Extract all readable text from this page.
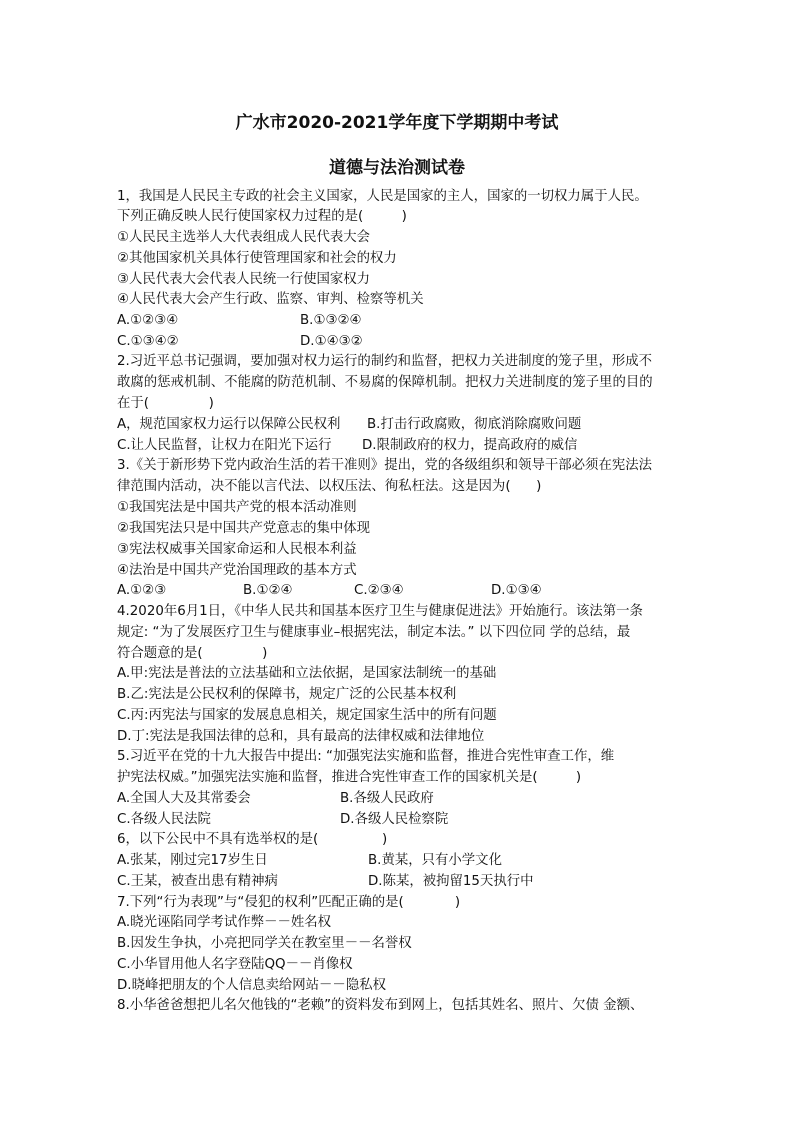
广水市2020-2021学年度下学期期中考试
道德与法治测试卷
1，我国是人民民主专政的社会主义国家，人民是国家的主人，国家的一切权力属于人民。
下列正确反映人民行使国家权力过程的是(         )
①人民民主选举人大代表组成人民代表大会
②其他国家机关具体行使管理国家和社会的权力
③人民代表大会代表人民统一行使国家权力
④人民代表大会产生行政、监察、审判、检察等机关
A.①②③④	B.①③②④
C.①③④②	D.①④③②
2.习近平总书记强调，要加强对权力运行的制约和监督，把权力关进制度的笼子里，形成不
敢腐的惩戒机制、不能腐的防范机制、不易腐的保障机制。把权力关进制度的笼子里的目的
在于(              )
A，规范国家权力运行以保障公民权利 B.打击行政腐败，彻底消除腐败问题
C.让人民监督，让权力在阳光下运行 D.限制政府的权力，提高政府的威信
3.《关于新形势下党内政治生活的若干准则》提出，党的各级组织和领导干部必须在宪法法
律范围内活动，决不能以言代法、以权压法、徇私枉法。这是因为(      )
①我国宪法是中国共产党的根本活动准则
②我国宪法只是中国共产党意志的集中体现
③宪法权威事关国家命运和人民根本利益
④法治是中国共产党治国理政的基本方式
A.①②③	B.①②④	C.②③④	D.①③④
4.2020年6月1日，《中华人民共和国基本医疗卫生与健康促进法》开始施行。该法第一条
规定: “为了发展医疗卫生与健康事业–根据宪法，制定本法。” 以下四位同 学的总结，最
符合题意的是(              )
A.甲:宪法是普法的立法基础和立法依据，是国家法制统一的基础
B.乙:宪法是公民权利的保障书，规定广泛的公民基本权利
C.丙:丙宪法与国家的发展息息相关，规定国家生活中的所有问题
D.丁:宪法是我国法律的总和，具有最高的法律权威和法律地位
5.习近平在党的十九大报告中提出: “加强宪法实施和监督，推进合宪性审查工作，维
护宪法权威。”加强宪法实施和监督，推进合宪性审查工作的国家机关是(         )
A.全国人大及其常委会	B.各级人民政府
C.各级人民法院	D.各级人民检察院
6，以下公民中不具有选举权的是(               )
A.张某，刚过完17岁生日	B.黄某，只有小学文化
C.王某，被查出患有精神病	D.陈某，被拘留15天执行中
7.下列“行为表现”与“侵犯的权利”匹配正确的是(            )
A.晓光诬陷同学考试作弊－－姓名权
B.因发生争执，小亮把同学关在教室里－－名誉权
C.小华冒用他人名字登陆QQ－－肖像权
D.晓峰把朋友的个人信息卖给网站－－隐私权
8.小华爸爸想把儿名欠他钱的“老赖”的资料发布到网上，包括其姓名、照片、欠债 金额、
